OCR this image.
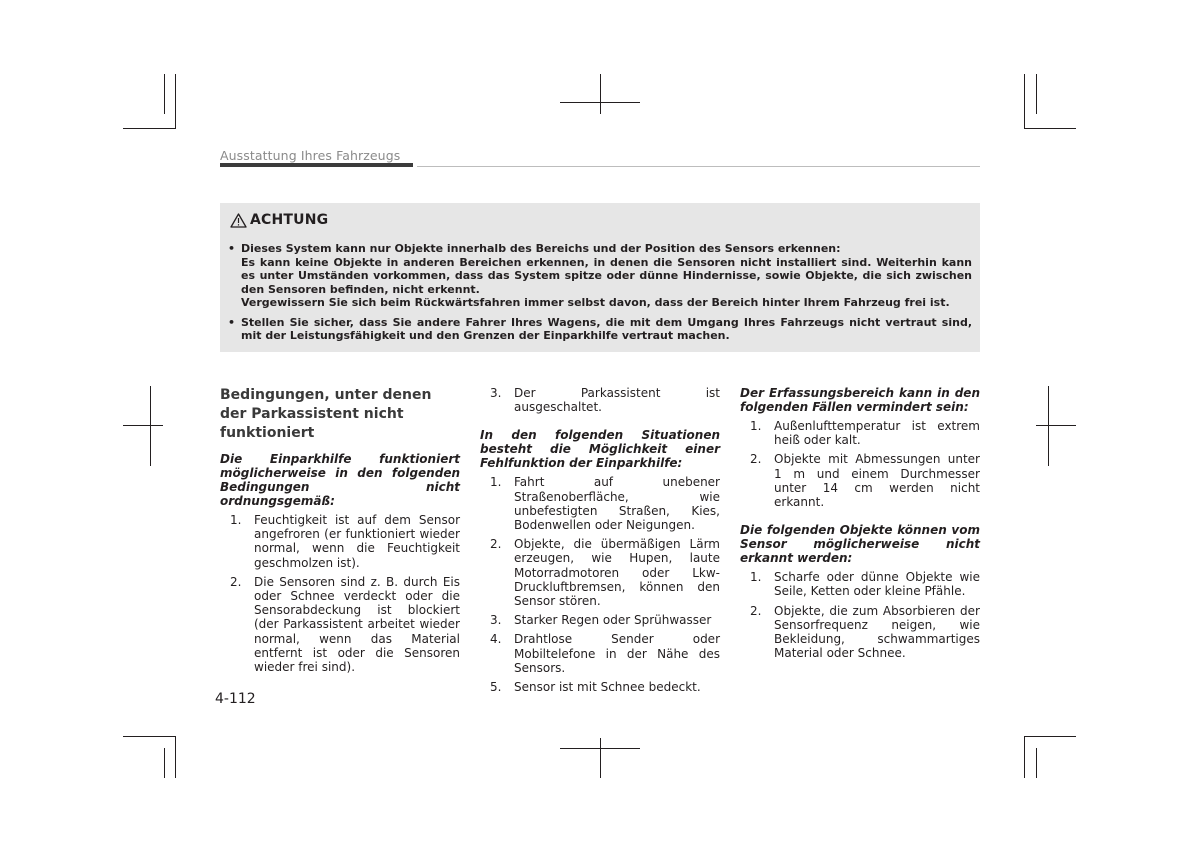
Ausstattung Ihres Fahrzeugs
ACHTUNG
• Dieses System kann nur Objekte innerhalb des Bereichs und der Position des Sensors erkennen:

Es kann keine Objekte in anderen Bereichen erkennen, in denen die Sensoren nicht installiert sind. Weiterhin kann es unter Umständen vorkommen, dass das System spitze oder dünne Hindernisse, sowie Objekte, die sich zwischen den Sensoren befinden, nicht erkennt.

Vergewissern Sie sich beim Rückwärtsfahren immer selbst davon, dass der Bereich hinter Ihrem Fahrzeug frei ist.

• Stellen Sie sicher, dass Sie andere Fahrer Ihres Wagens, die mit dem Umgang Ihres Fahrzeugs nicht vertraut sind, mit der Leistungsfähigkeit und den Grenzen der Einparkhilfe vertraut machen.

Bedingungen, unter denen der Parkassistent nicht funktioniert

Die Einparkhilfe funktioniert möglicherweise in den folgenden Bedingungen nicht ordnungsgemäß:

1.	Feuchtigkeit ist auf dem Sensor angefroren (er funktioniert wieder normal, wenn die Feuchtigkeit geschmolzen ist).
2.	Die Sensoren sind z. B. durch Eis oder Schnee verdeckt oder die Sensorabdeckung ist blockiert (der Parkassistent arbeitet wieder normal, wenn das Material entfernt ist oder die Sensoren wieder frei sind).
3.	Der Parkassistent ist ausgeschaltet.

In den folgenden Situationen besteht die Möglichkeit einer Fehlfunktion der Einparkhilfe:

1.	Fahrt auf unebener Straßenoberfläche, wie unbefestigten Straßen, Kies, Bodenwellen oder Neigungen.
2.	Objekte, die übermäßigen Lärm erzeugen, wie Hupen, laute Motorradmotoren oder Lkw-Druckluftbremsen, können den Sensor stören.
3.	Starker Regen oder Sprühwasser
4.	Drahtlose Sender oder Mobiltelefone in der Nähe des Sensors.
5.	Sensor ist mit Schnee bedeckt.

Der Erfassungsbereich kann in den folgenden Fällen vermindert sein:

1.	Außenlufttemperatur ist extrem heiß oder kalt.
2.	Objekte mit Abmessungen unter 1 m und einem Durchmesser unter 14 cm werden nicht erkannt.

Die folgenden Objekte können vom Sensor möglicherweise nicht erkannt werden:

1.	Scharfe oder dünne Objekte wie Seile, Ketten oder kleine Pfähle.
2.	Objekte, die zum Absorbieren der Sensorfrequenz neigen, wie Bekleidung, schwammartiges Material oder Schnee.
4-112
